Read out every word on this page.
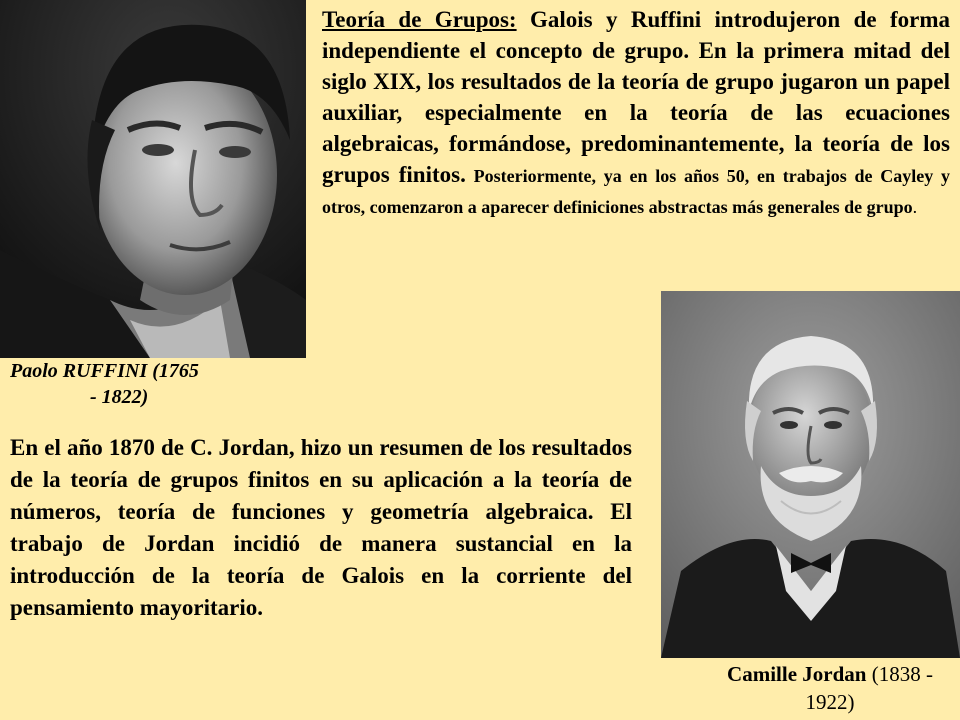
Paolo RUFFINI (1765
- 1822)
Teoría de Grupos: Galois y Ruffini introdujeron de forma independiente el concepto de grupo. En la primera mitad del siglo XIX, los resultados de la teoría de grupo jugaron un papel auxiliar, especialmente en la teoría de las ecuaciones algebraicas, formándose, predominantemente, la teoría de los grupos finitos. Posteriormente, ya en los años 50, en trabajos de Cayley y otros, comenzaron a aparecer definiciones abstractas más generales de grupo.
En el año 1870 de C. Jordan, hizo un resumen de los resultados de la teoría de grupos finitos en su aplicación a la teoría de números, teoría de funciones y geometría algebraica. El trabajo de Jordan incidió de manera sustancial en la introducción de la teoría de Galois en la corriente del pensamiento mayoritario.
Camille Jordan (1838 - 1922)
